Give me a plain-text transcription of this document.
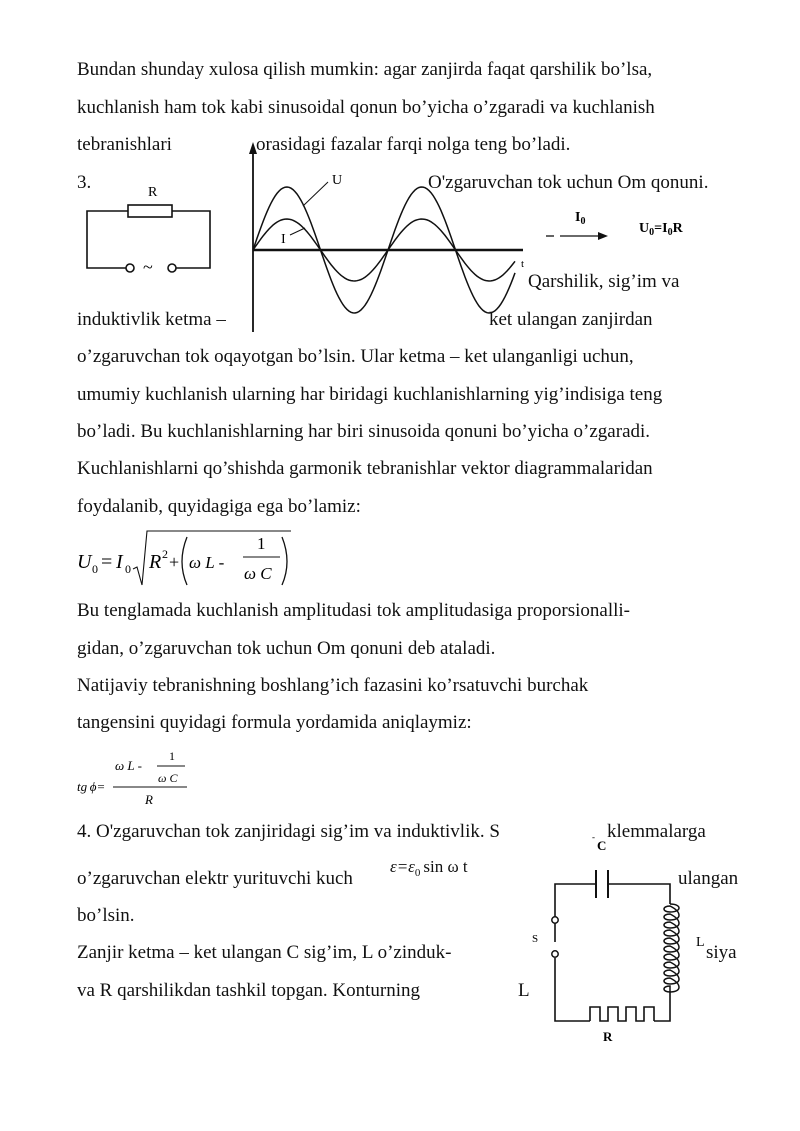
Bundan shunday xulosa qilish mumkin: agar zanjirda faqat qarshilik bo’lsa,
kuchlanish ham tok kabi sinusoidal qonun bo’yicha o’zgaradi va kuchlanish
tebranishlari	orasidagi fazalar farqi nolga teng bo’ladi.
3.	O'zgaruvchan tok uchun Om qonuni.
R
~
U
I
t
$I_0$	$U_0=I_0R$
Qarshilik, sig’im va
induktivlik ketma –	ket ulangan zanjirdan
o’zgaruvchan tok oqayotgan bo’lsin. Ular ketma – ket ulanganligi uchun,
umumiy kuchlanish ularning har biridagi kuchlanishlarning yig’indisiga teng
bo’ladi. Bu kuchlanishlarning har biri sinusoida qonuni bo’yicha o’zgaradi.
Kuchlanishlarni qo’shishda garmonik tebranishlar vektor diagrammalaridan
foydalanib, quyidagiga ega bo’lamiz:
U 0 = I 0 R 2 + ω L -
1
ω C
Bu tenglamada kuchlanish amplitudasi tok amplitudasiga proporsionalli-
gidan, o’zgaruvchan tok uchun Om qonuni deb ataladi.
Natijaviy tebranishning boshlang’ich fazasini ko’rsatuvchi burchak
tangensini quyidagi formula yordamida aniqlaymiz:
tg ϕ=
ω L -
1
ω C
R
4. O'zgaruvchan tok zanjiridagi sig’im va induktivlik. S	klemmalarga
o’zgaruvchan elektr yurituvchi kuch
$\varepsilon=\varepsilon_0$ sin ω t
ulangan
bo’lsin.
Zanjir ketma – ket ulangan C sig’im, L o’zinduk-	siya
va R qarshilikdan tashkil topgan. Konturning	L
C
-
S	L
R
